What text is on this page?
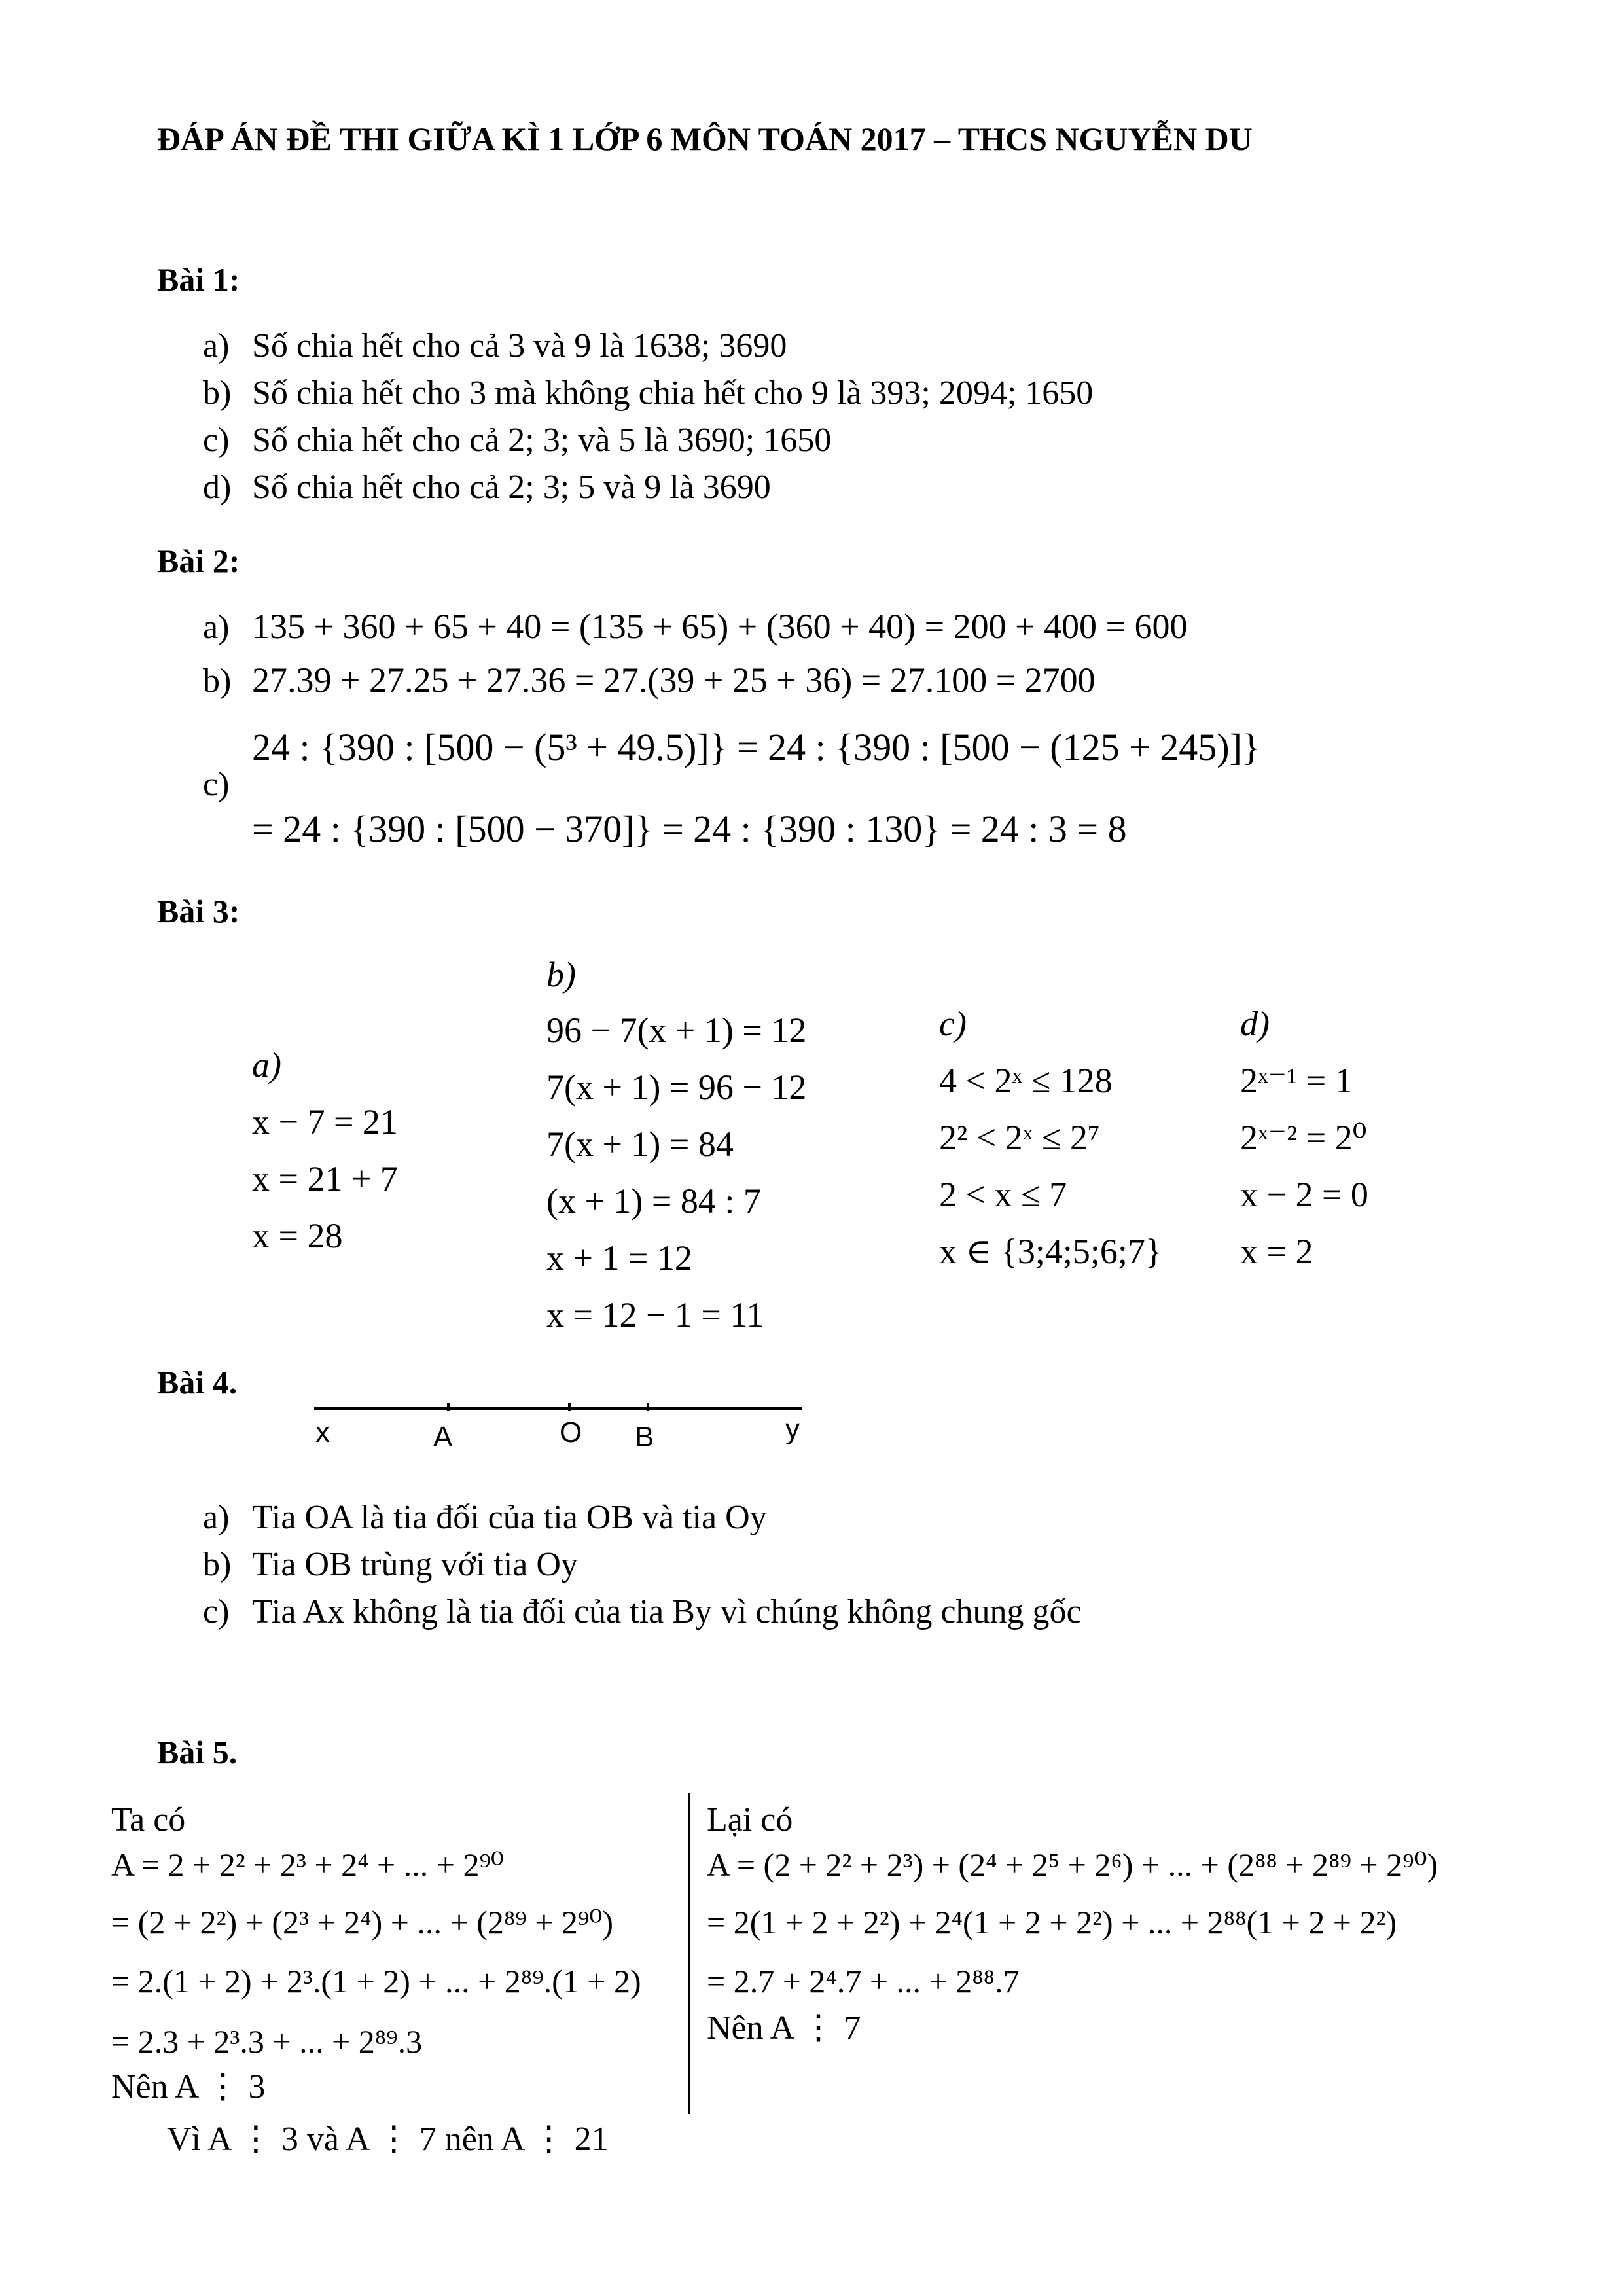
ĐÁP ÁN ĐỀ THI GIỮA KÌ 1 LỚP 6 MÔN TOÁN 2017 – THCS NGUYỄN DU
Bài 1:
a) Số chia hết cho cả 3 và 9 là 1638; 3690
b) Số chia hết cho 3 mà không chia hết cho 9 là 393; 2094; 1650
c) Số chia hết cho cả 2; 3; và 5 là 3690; 1650
d) Số chia hết cho cả 2; 3; 5 và 9 là 3690
Bài 2:
a) 135 + 360 + 65 + 40 = (135 + 65) + (360 + 40) = 200 + 400 = 600
b) 27.39 + 27.25 + 27.36 = 27.(39 + 25 + 36) = 27.100 = 2700
c)
24 : {390 : [500 − (5³ + 49.5)]} = 24 : {390 : [500 − (125 + 245)]}
= 24 : {390 : [500 − 370]} = 24 : {390 : 130} = 24 : 3 = 8
Bài 3:
a)
x − 7 = 21
x = 21 + 7
x = 28
b)
96 − 7(x + 1) = 12
7(x + 1) = 96 − 12
7(x + 1) = 84
(x + 1) = 84 : 7
x + 1 = 12
x = 12 − 1 = 11
c)
4 < 2ˣ ≤ 128
2² < 2ˣ ≤ 2⁷
2 < x ≤ 7
x ∈ {3;4;5;6;7}
d)
2ˣ⁻¹ = 1
2ˣ⁻² = 2⁰
x − 2 = 0
x = 2
Bài 4.
x	A	O B	y
a) Tia OA là tia đối của tia OB và tia Oy
b) Tia OB trùng với tia Oy
c) Tia Ax không là tia đối của tia By vì chúng không chung gốc
Bài 5.
Ta có
A = 2 + 2² + 2³ + 2⁴ + ... + 2⁹⁰
= (2 + 2²) + (2³ + 2⁴) + ... + (2⁸⁹ + 2⁹⁰)
= 2.(1 + 2) + 2³.(1 + 2) + ... + 2⁸⁹.(1 + 2)
= 2.3 + 2³.3 + ... + 2⁸⁹.3
Nên A ⋮ 3
Lại có
A = (2 + 2² + 2³) + (2⁴ + 2⁵ + 2⁶) + ... + (2⁸⁸ + 2⁸⁹ + 2⁹⁰)
= 2(1 + 2 + 2²) + 2⁴(1 + 2 + 2²) + ... + 2⁸⁸(1 + 2 + 2²)
= 2.7 + 2⁴.7 + ... + 2⁸⁸.7
Nên A ⋮ 7
Vì A ⋮ 3 và A ⋮ 7 nên A ⋮ 21
